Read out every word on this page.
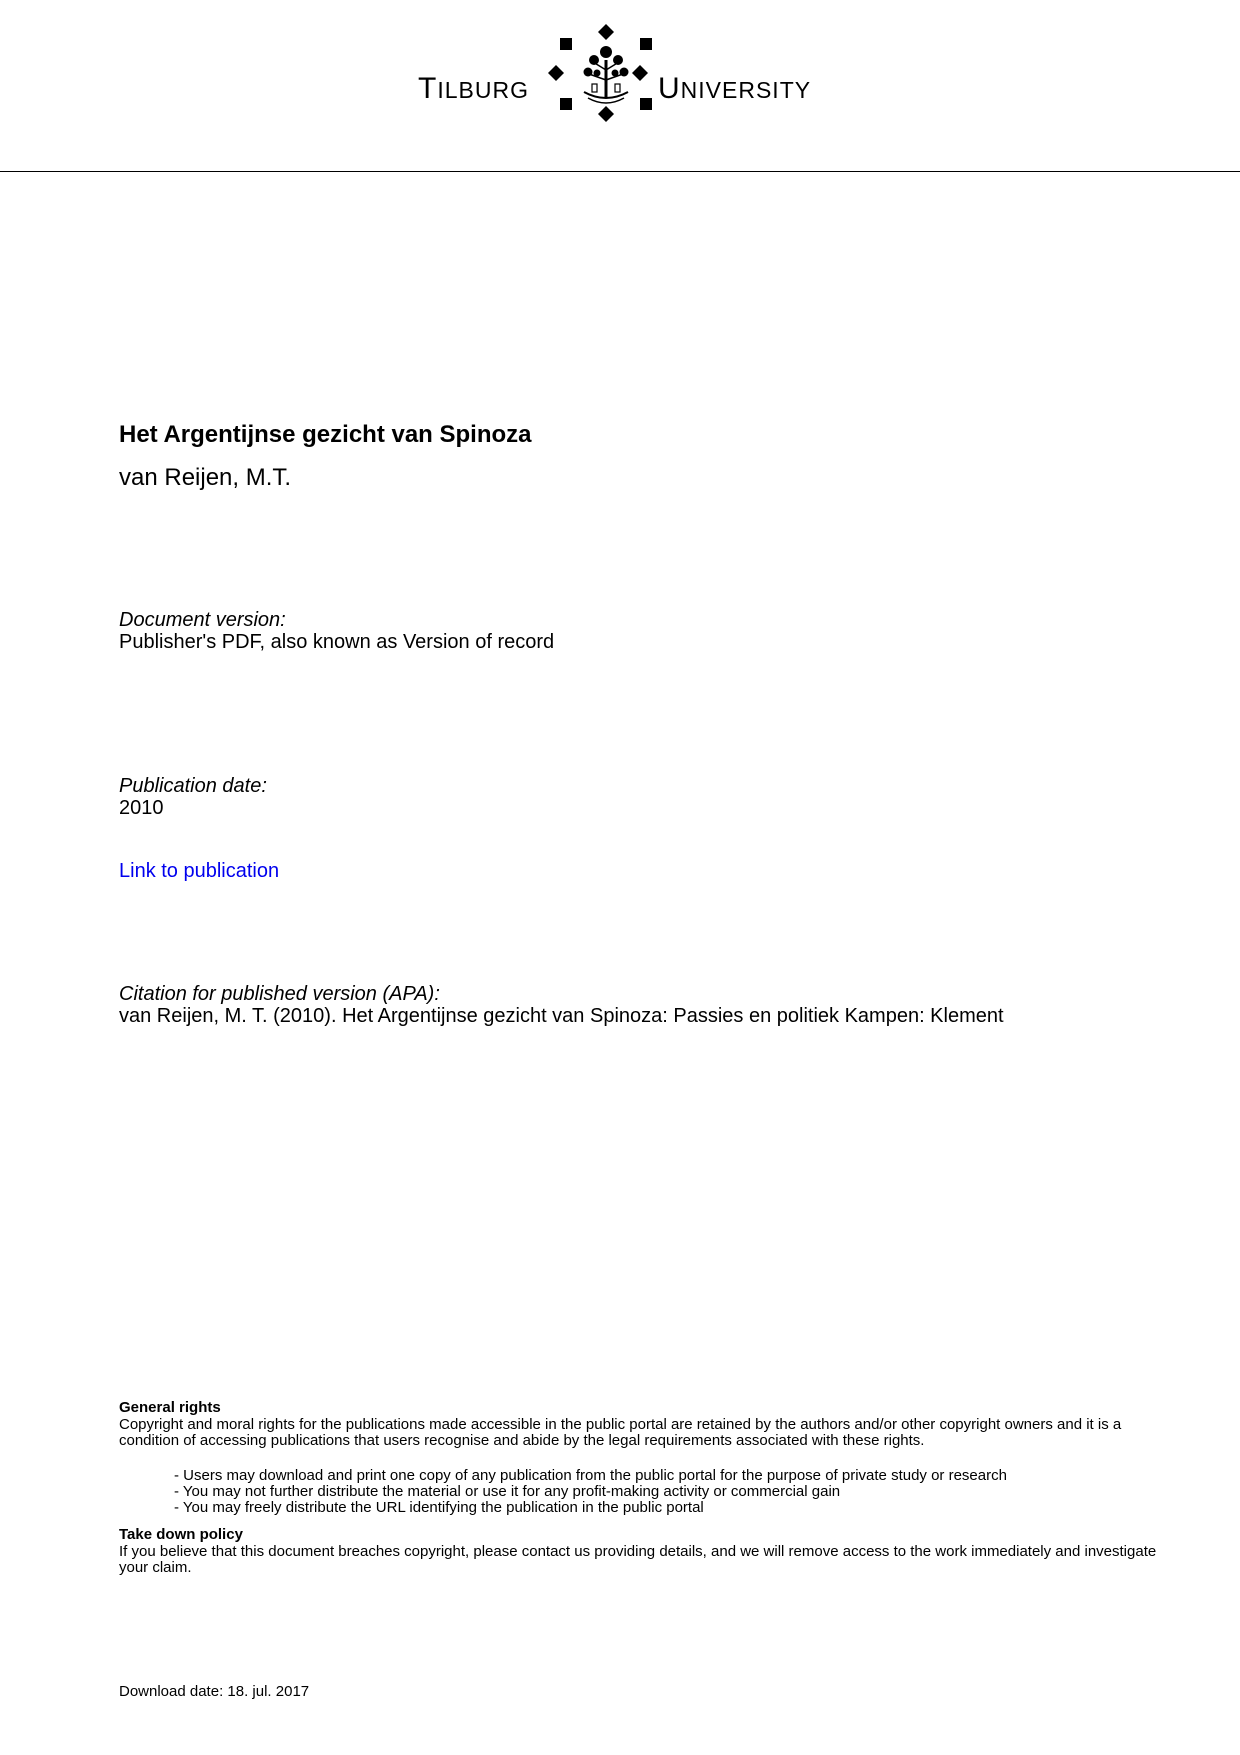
TILBURG	UNIVERSITY
Het Argentijnse gezicht van Spinoza
van Reijen, M.T.
Document version:
Publisher's PDF, also known as Version of record
Publication date:
2010
Link to publication
Citation for published version (APA):
van Reijen, M. T. (2010). Het Argentijnse gezicht van Spinoza: Passies en politiek Kampen: Klement
General rights
Copyright and moral rights for the publications made accessible in the public portal are retained by the authors and/or other copyright owners and it is a condition of accessing publications that users recognise and abide by the legal requirements associated with these rights.
- Users may download and print one copy of any publication from the public portal for the purpose of private study or research
- You may not further distribute the material or use it for any profit-making activity or commercial gain
- You may freely distribute the URL identifying the publication in the public portal
Take down policy
If you believe that this document breaches copyright, please contact us providing details, and we will remove access to the work immediately and investigate your claim.
Download date: 18. jul. 2017
